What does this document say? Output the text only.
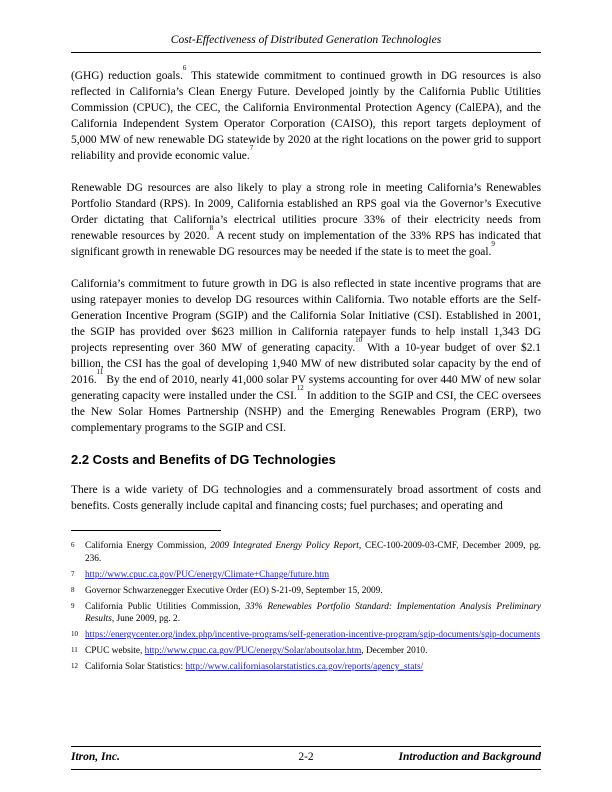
Cost-Effectiveness of Distributed Generation Technologies

(GHG) reduction goals.$^6$ This statewide commitment to continued growth in DG resources is also reflected in California’s Clean Energy Future. Developed jointly by the California Public Utilities Commission (CPUC), the CEC, the California Environmental Protection Agency (CalEPA), and the California Independent System Operator Corporation (CAISO), this report targets deployment of 5,000 MW of new renewable DG statewide by 2020 at the right locations on the power grid to support reliability and provide economic value.$^7$

Renewable DG resources are also likely to play a strong role in meeting California’s Renewables Portfolio Standard (RPS). In 2009, California established an RPS goal via the Governor’s Executive Order dictating that California’s electrical utilities procure 33% of their electricity needs from renewable resources by 2020.$^8$ A recent study on implementation of the 33% RPS has indicated that significant growth in renewable DG resources may be needed if the state is to meet the goal.$^9$

California’s commitment to future growth in DG is also reflected in state incentive programs that are using ratepayer monies to develop DG resources within California. Two notable efforts are the Self-Generation Incentive Program (SGIP) and the California Solar Initiative (CSI). Established in 2001, the SGIP has provided over $623 million in California ratepayer funds to help install 1,343 DG projects representing over 360 MW of generating capacity.$^{10}$ With a 10-year budget of over $2.1 billion, the CSI has the goal of developing 1,940 MW of new distributed solar capacity by the end of 2016.11 By the end of 2010, nearly 41,000 solar PV systems accounting for over 440 MW of new solar generating capacity were installed under the CSI.$^{12}$ In addition to the SGIP and CSI, the CEC oversees the New Solar Homes Partnership (NSHP) and the Emerging Renewables Program (ERP), two complementary programs to the SGIP and CSI.

2.2 Costs and Benefits of DG Technologies

There is a wide variety of DG technologies and a commensurately broad assortment of costs and benefits. Costs generally include capital and financing costs; fuel purchases; and operating and

6	California Energy Commission, 2009 Integrated Energy Policy Report, CEC-100-2009-03-CMF, December 2009, pg. 236.
7	http://www.cpuc.ca.gov/PUC/energy/Climate+Change/future.htm
8	Governor Schwarzenegger Executive Order (EO) S-21-09, September 15, 2009.
9	California Public Utilities Commission, 33% Renewables Portfolio Standard: Implementation Analysis Preliminary Results, June 2009, pg. 2.
10 https://energycenter.org/index.php/incentive-programs/self-generation-incentive-program/sgip-documents/sgip-documents
11 CPUC website, http://www.cpuc.ca.gov/PUC/energy/Solar/aboutsolar.htm, December 2010.
12 California Solar Statistics: http://www.californiasolarstatistics.ca.gov/reports/agency_stats/
Itron, Inc.	2-2	Introduction and Background
